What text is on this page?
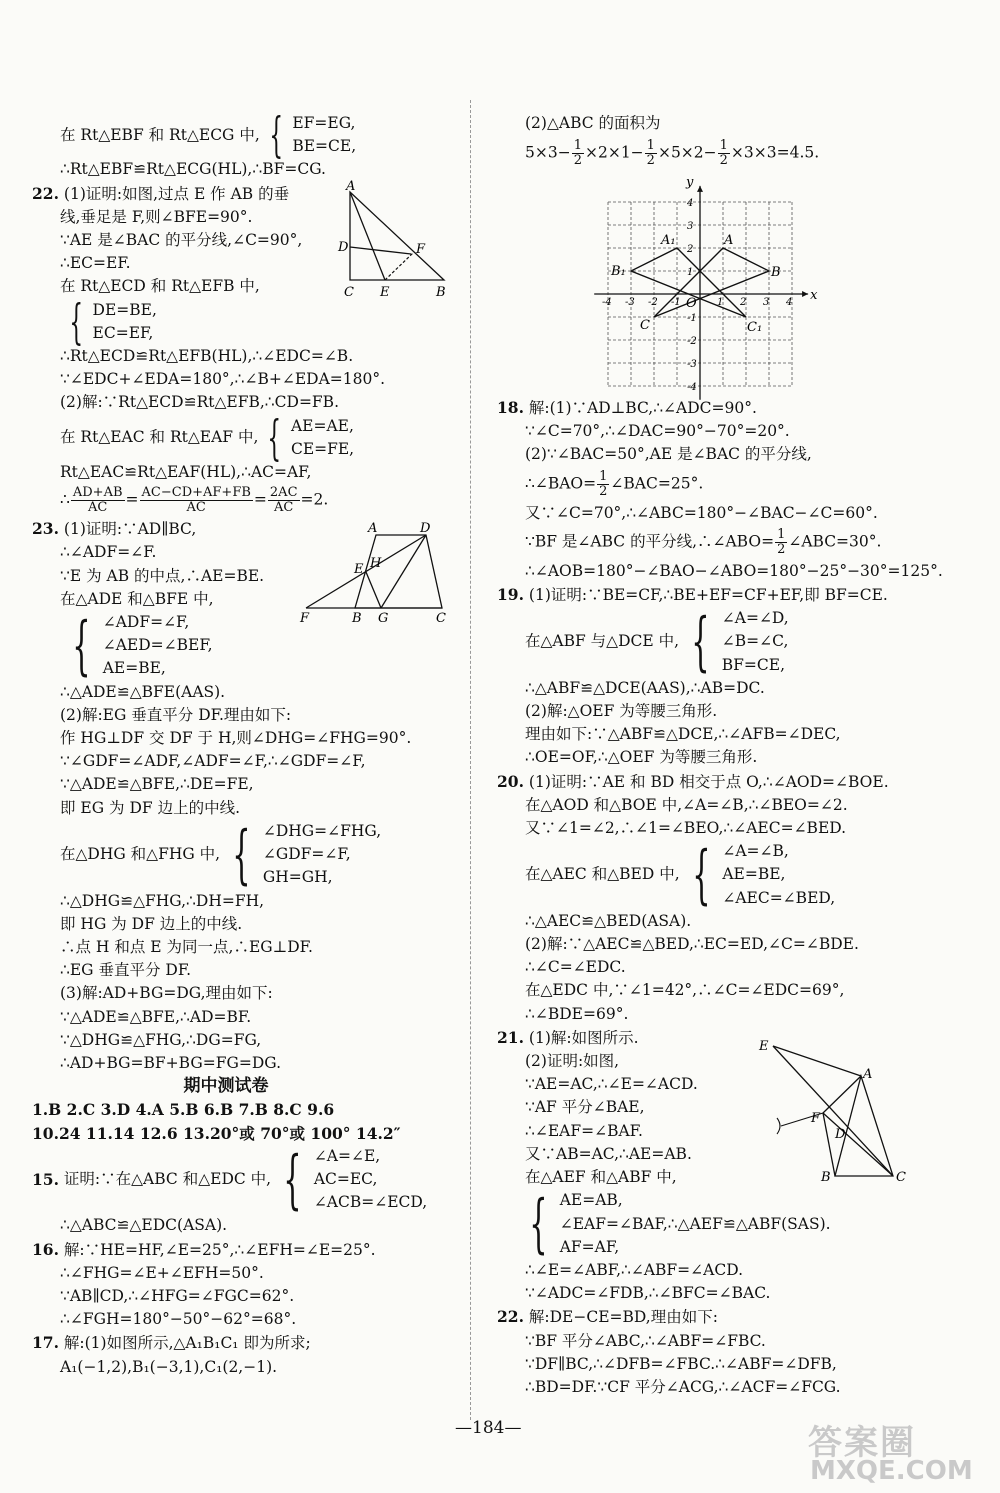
在 Rt△EBF 和 Rt△ECG 中, { EF=EG,
BE=CE,
∴Rt△EBF≌Rt△ECG(HL),∴BF=CG.
22. (1)证明:如图,过点 E 作 AB 的垂
线,垂足是 F,则∠BFE=90°.
∵AE 是∠BAC 的平分线,∠C=90°,
∴EC=EF.
在 Rt△ECD 和 Rt△EFB 中,
{ DE=BE,
EC=EF,
∴Rt△ECD≌Rt△EFB(HL),∴∠EDC=∠B.
∵∠EDC+∠EDA=180°,∴∠B+∠EDA=180°.
(2)解:∵Rt△ECD≌Rt△EFB,∴CD=FB.
在 Rt△EAC 和 Rt△EAF 中, { AE=AE,
CE=FE,
Rt△EAC≌Rt△EAF(HL),∴AC=AF,
∴ $\frac{AD+AB}{AC} = \frac{AC-CD+AF+FB}{AC} = \frac{2AC}{AC} =2$.
23. (1)证明:∵AD∥BC,
∴∠ADF=∠F.
∵E 为 AB 的中点,∴AE=BE.
在△ADE 和△BFE 中,
{ ∠ADF=∠F,
∠AED=∠BEF,
AE=BE,
∴△ADE≌△BFE(AAS).
(2)解:EG 垂直平分 DF.理由如下:
作 HG⊥DF 交 DF 于 H,则∠DHG=∠FHG=90°.
∵∠GDF=∠ADF,∠ADF=∠F,∴∠GDF=∠F,
∵△ADE≌△BFE,∴DE=FE,
即 EG 为 DF 边上的中线.
在△DHG 和△FHG 中, { ∠DHG=∠FHG,
∠GDF=∠F,
GH=GH,
∴△DHG≌△FHG,∴DH=FH,
即 HG 为 DF 边上的中线.
∴点 H 和点 E 为同一点,∴EG⊥DF.
∴EG 垂直平分 DF.
(3)解:AD+BG=DG,理由如下:
∵△ADE≌△BFE,∴AD=BF.
∵△DHG≌△FHG,∴DG=FG,
∴AD+BG=BF+BG=FG=DG.
期中测试卷
1.B 2.C 3.D 4.A 5.B 6.B 7.B 8.C 9.6
10.24 11.14 12.6 13.20°或 70°或 100° 14.2″
15.
证明:∵在△ABC 和△EDC 中, { ∠A=∠E,
AC=EC,
∠ACB=∠ECD,
∴△ABC≌△EDC(ASA).
16. 解:∵HE=HF,∠E=25°,∴∠EFH=∠E=25°.
∴∠FHG=∠E+∠EFH=50°.
∵AB∥CD,∴∠HFG=∠FGC=62°.
∴∠FGH=180°−50°−62°=68°.
17. 解:(1)如图所示,△A₁B₁C₁ 即为所求;
A₁(−1,2),B₁(−3,1),C₁(2,−1).
A
D	F
C E	B
A	D
E H
F	B G	C
(2)△ABC 的面积为
$5\times 3- \frac{1}{2} \times 2\times 1- \frac{1}{2} \times 5\times 2- \frac{1}{2} \times 3\times 3=4.5$.
-4 -3 -2 -1	1 2 3 4
4
3
2
1
-1
-2
-3
-4
x
y
O
A
B
C
A₁
B₁
C₁
18. 解:(1)∵AD⊥BC,∴∠ADC=90°.
∵∠C=70°,∴∠DAC=90°−70°=20°.
(2)∵∠BAC=50°,AE 是∠BAC 的平分线,
∴∠BAO= $\frac{1}{2}$ ∠BAC=25°.
又∵∠C=70°,∴∠ABC=180°−∠BAC−∠C=60°.
∵BF 是∠ABC 的平分线,∴∠ABO= $\frac{1}{2}$ ∠ABC=30°.
∴∠AOB=180°−∠BAO−∠ABO=180°−25°−30°=125°.
19. (1)证明:∵BE=CF,∴BE+EF=CF+EF,即 BF=CE.
在△ABF 与△DCE 中, { ∠A=∠D,
∠B=∠C,
BF=CE,
∴△ABF≌△DCE(AAS),∴AB=DC.
(2)解:△OEF 为等腰三角形.
理由如下:∵△ABF≌△DCE,∴∠AFB=∠DEC,
∴OE=OF,∴△OEF 为等腰三角形.
20. (1)证明:∵AE 和 BD 相交于点 O,∴∠AOD=∠BOE.
在△AOD 和△BOE 中,∠A=∠B,∴∠BEO=∠2.
又∵∠1=∠2,∴∠1=∠BEO,∴∠AEC=∠BED.
在△AEC 和△BED 中, { ∠A=∠B,
AE=BE,
∠AEC=∠BED,
∴△AEC≌△BED(ASA).
(2)解:∵△AEC≌△BED,∴EC=ED,∠C=∠BDE.
∴∠C=∠EDC.
在△EDC 中,∵∠1=42°,∴∠C=∠EDC=69°,
∴∠BDE=69°.
21. (1)解:如图所示.
(2)证明:如图,
∵AE=AC,∴∠E=∠ACD.
∵AF 平分∠BAE,
∴∠EAF=∠BAF.
又∵AB=AC,∴AE=AB.
在△AEF 和△ABF 中,
{ AE=AB,
∠EAF=∠BAF,∴△AEF≌△ABF(SAS).
AF=AF,
∴∠E=∠ABF,∴∠ABF=∠ACD.
∵∠ADC=∠FDB,∴∠BFC=∠BAC.
22. 解:DE−CE=BD,理由如下:
∵BF 平分∠ABC,∴∠ABF=∠FBC.
∵DF∥BC,∴∠DFB=∠FBC.∴∠ABF=∠DFB,
∴BD=DF.∵CF 平分∠ACG,∴∠ACF=∠FCG.
E
A
F
D
B	C
—184—	答案圈
MXQE.COM
